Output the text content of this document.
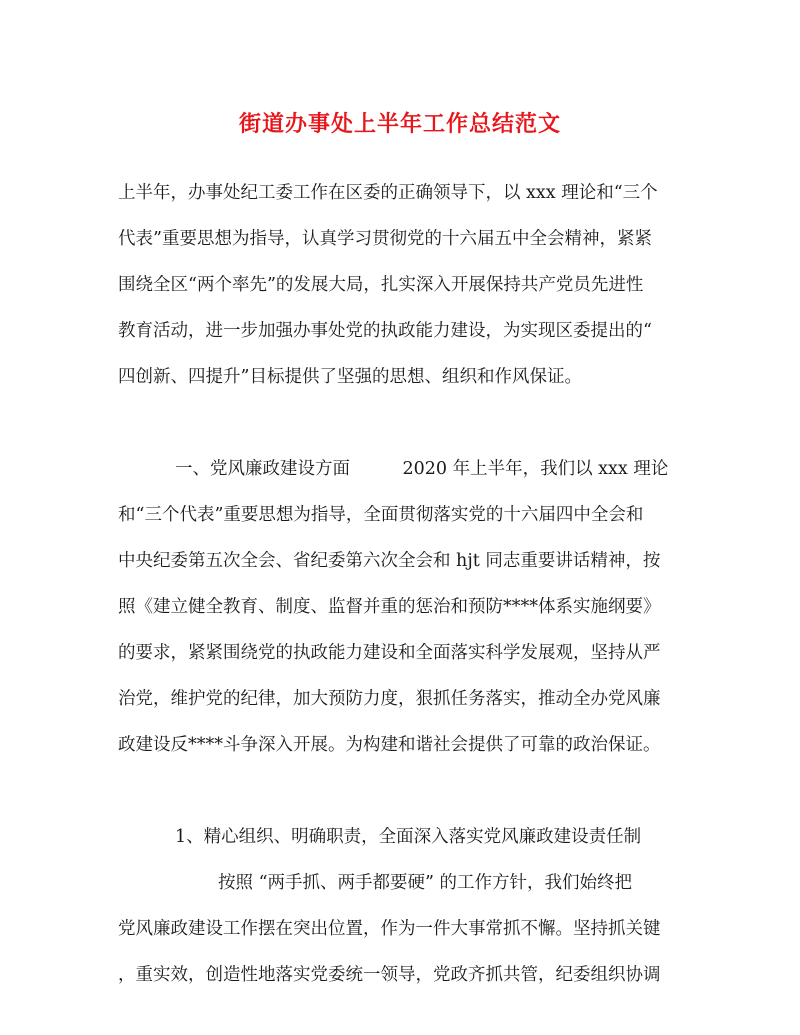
街道办事处上半年工作总结范文
上半年，办事处纪工委工作在区委的正确领导下，以 xxx 理论和“三个
代表”重要思想为指导，认真学习贯彻党的十六届五中全会精神，紧紧
围绕全区“两个率先”的发展大局，扎实深入开展保持共产党员先进性
教育活动，进一步加强办事处党的执政能力建设，为实现区委提出的“
四创新、四提升”目标提供了坚强的思想、组织和作风保证。
一、党风廉政建设方面　　　2020 年上半年，我们以 xxx 理论
和“三个代表”重要思想为指导，全面贯彻落实党的十六届四中全会和
中央纪委第五次全会、省纪委第六次全会和 hjt 同志重要讲话精神，按
照《建立健全教育、制度、监督并重的惩治和预防****体系实施纲要》
的要求，紧紧围绕党的执政能力建设和全面落实科学发展观，坚持从严
治党，维护党的纪律，加大预防力度，狠抓任务落实，推动全办党风廉
政建设反****斗争深入开展。为构建和谐社会提供了可靠的政治保证。
1、精心组织、明确职责，全面深入落实党风廉政建设责任制
按照 “两手抓、两手都要硬” 的工作方针，我们始终把
党风廉政建设工作摆在突出位置，作为一件大事常抓不懈。坚持抓关键
，重实效，创造性地落实党委统一领导，党政齐抓共管，纪委组织协调
